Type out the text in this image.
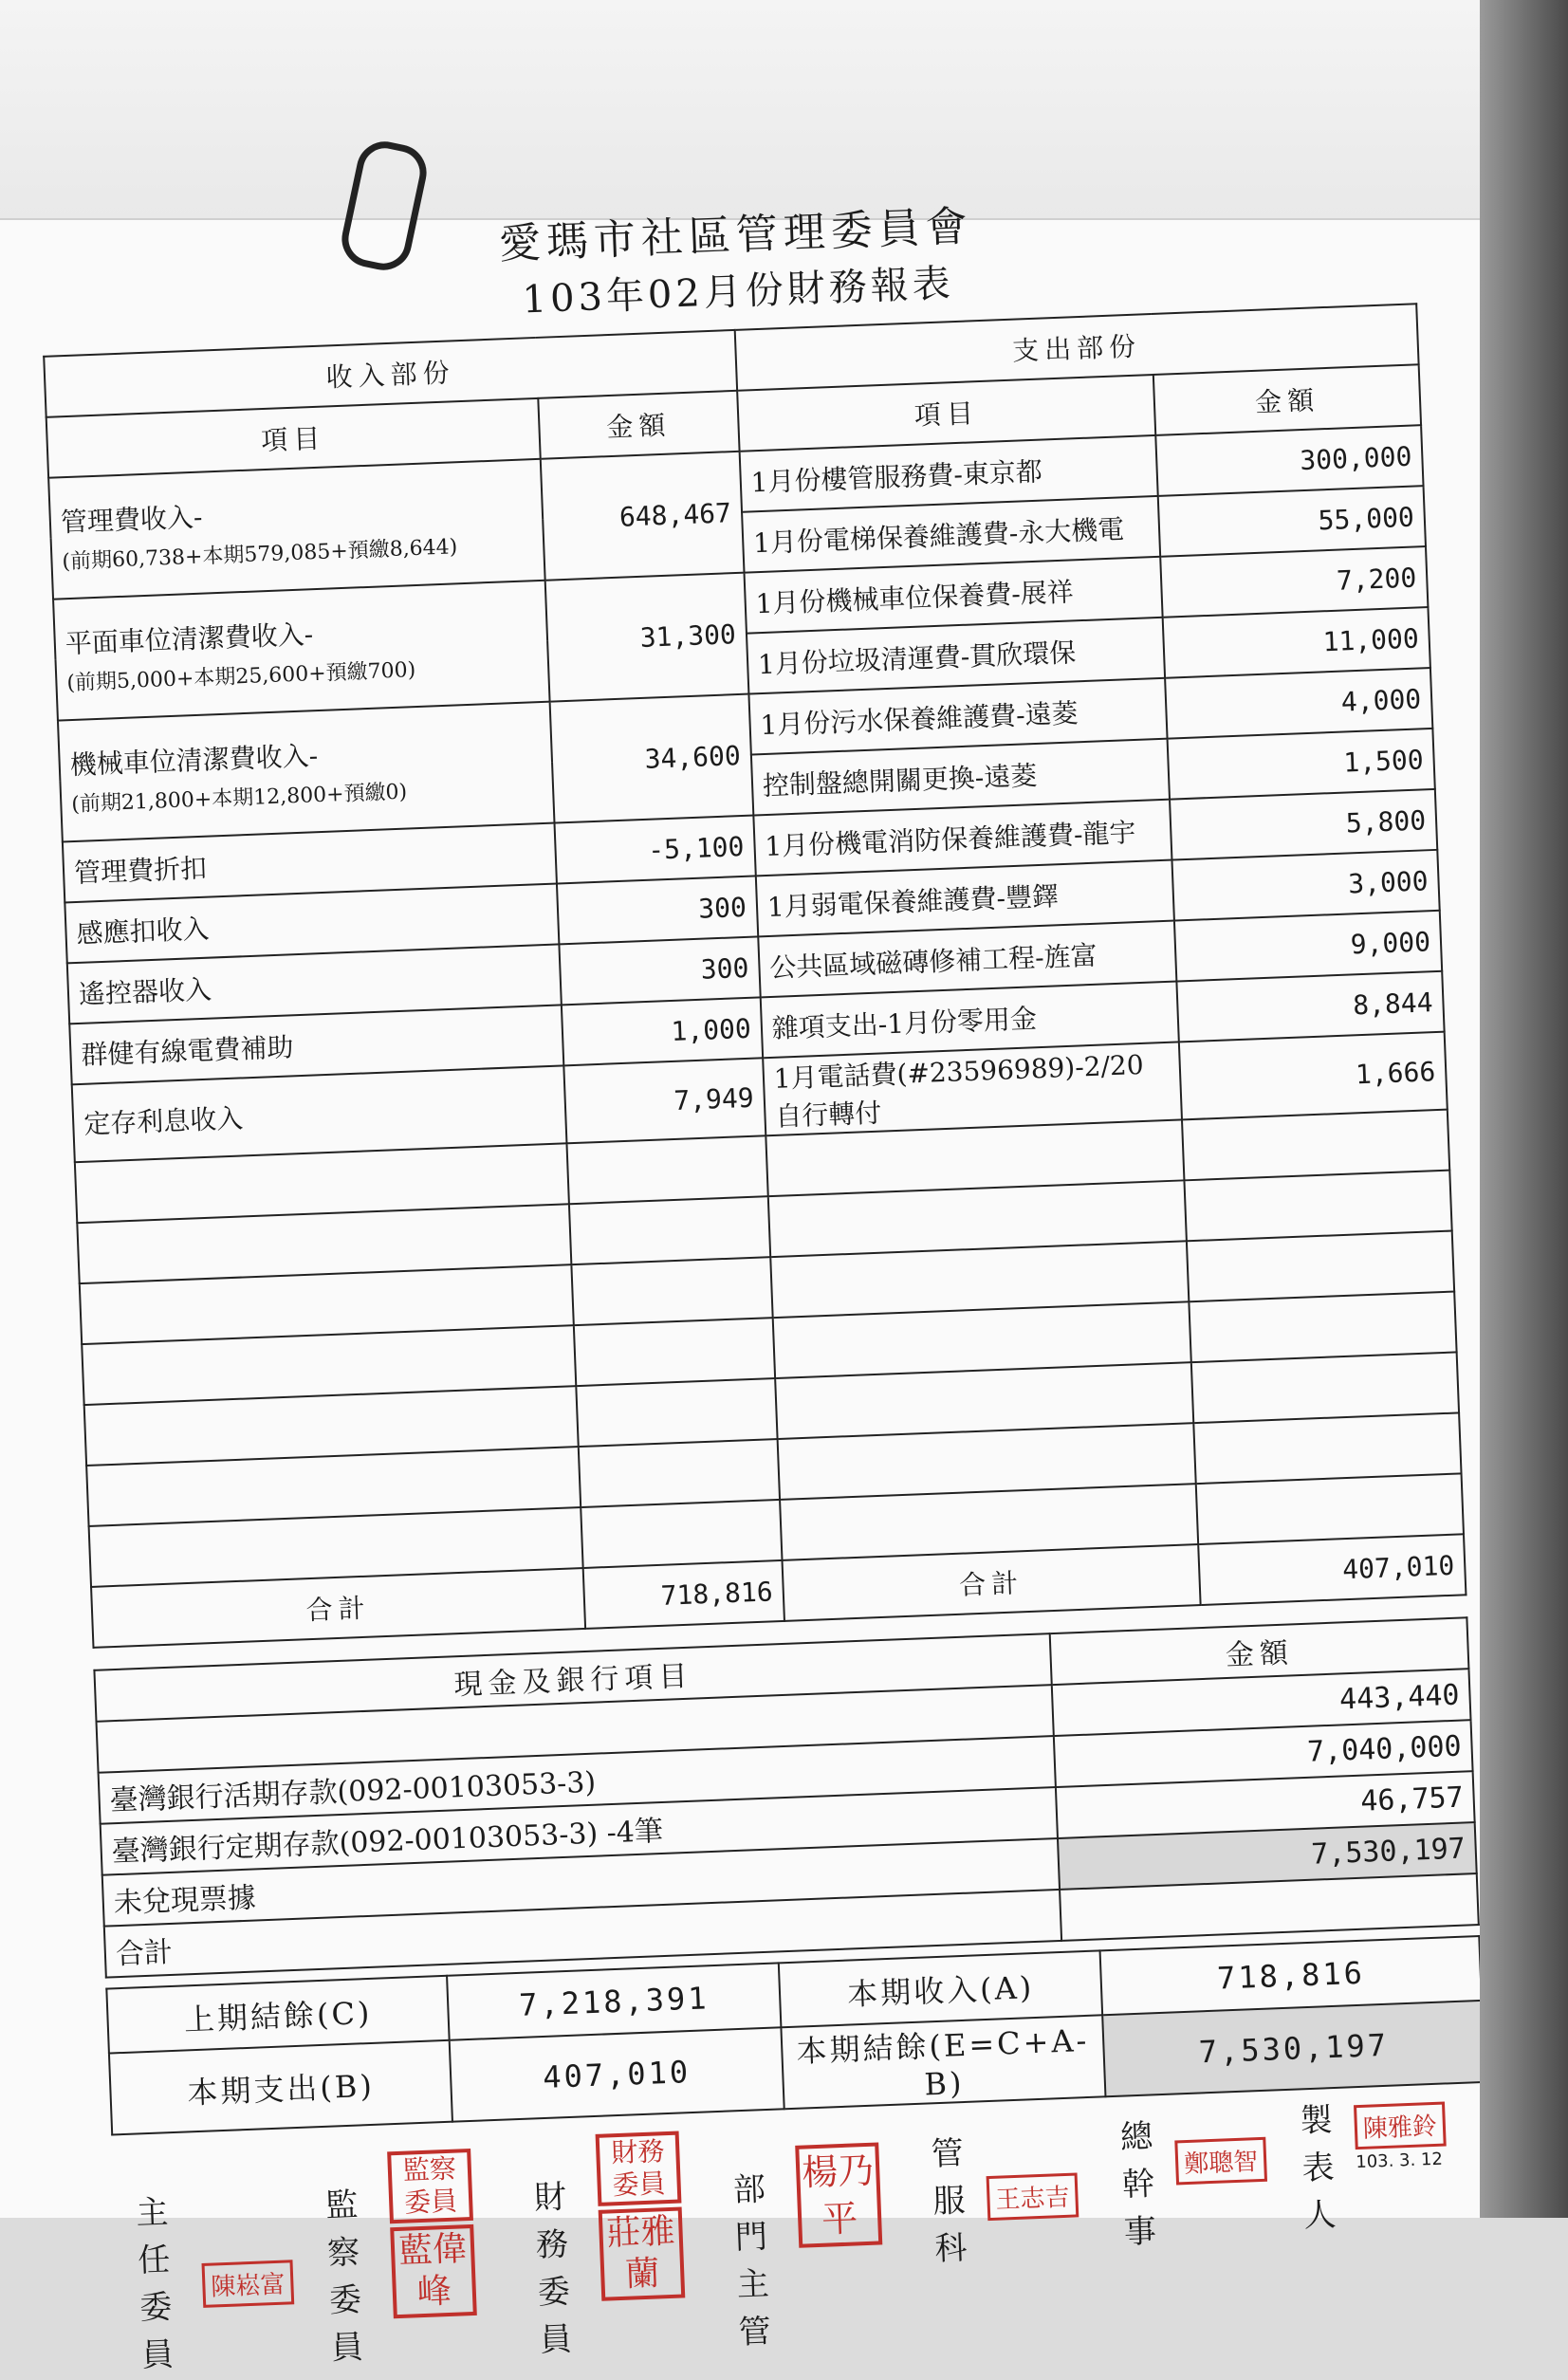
愛瑪市社區管理委員會
103年02月份財務報表
收入部份		支出部份	
項目	金額	項目	金額
管理費收入-
(前期60,738+本期579,085+預繳8,644)	648,467	1月份樓管服務費-東京都	300,000
		1月份電梯保養維護費-永大機電	55,000
平面車位清潔費收入-
(前期5,000+本期25,600+預繳700)	31,300	1月份機械車位保養費-展祥	7,200
		1月份垃圾清運費-貫欣環保	11,000
機械車位清潔費收入-
(前期21,800+本期12,800+預繳0)	34,600	1月份污水保養維護費-遠菱	4,000
		控制盤總開關更換-遠菱	1,500
管理費折扣	-5,100	1月份機電消防保養維護費-龍宇	5,800
感應扣收入	300	1月弱電保養維護費-豐鐸	3,000
遙控器收入	300	公共區域磁磚修補工程-旌富	9,000
群健有線電費補助	1,000	雜項支出-1月份零用金	8,844
定存利息收入	7,949	1月電話費(#23596989)-2/20自行轉付	1,666

合計	718,816	合計	407,010
現金及銀行項目	金額
	443,440
臺灣銀行活期存款(092-00103053-3)	7,040,000
臺灣銀行定期存款(092-00103053-3) -4筆	46,757
未兌現票據	7,530,197
合計	
上期結餘(C)	7,218,391	本期收入(A)	718,816
本期支出(B)	407,010	本期結餘(E=C+A-B)	7,530,197
主任委員
陳崧富
監察委員
監察委員
藍偉峰
財務委員
財務委員
莊雅蘭
部門主管
楊乃平
管服科
王志吉
總幹事
鄭聰智
製表人
陳雅鈴
103. 3. 12
